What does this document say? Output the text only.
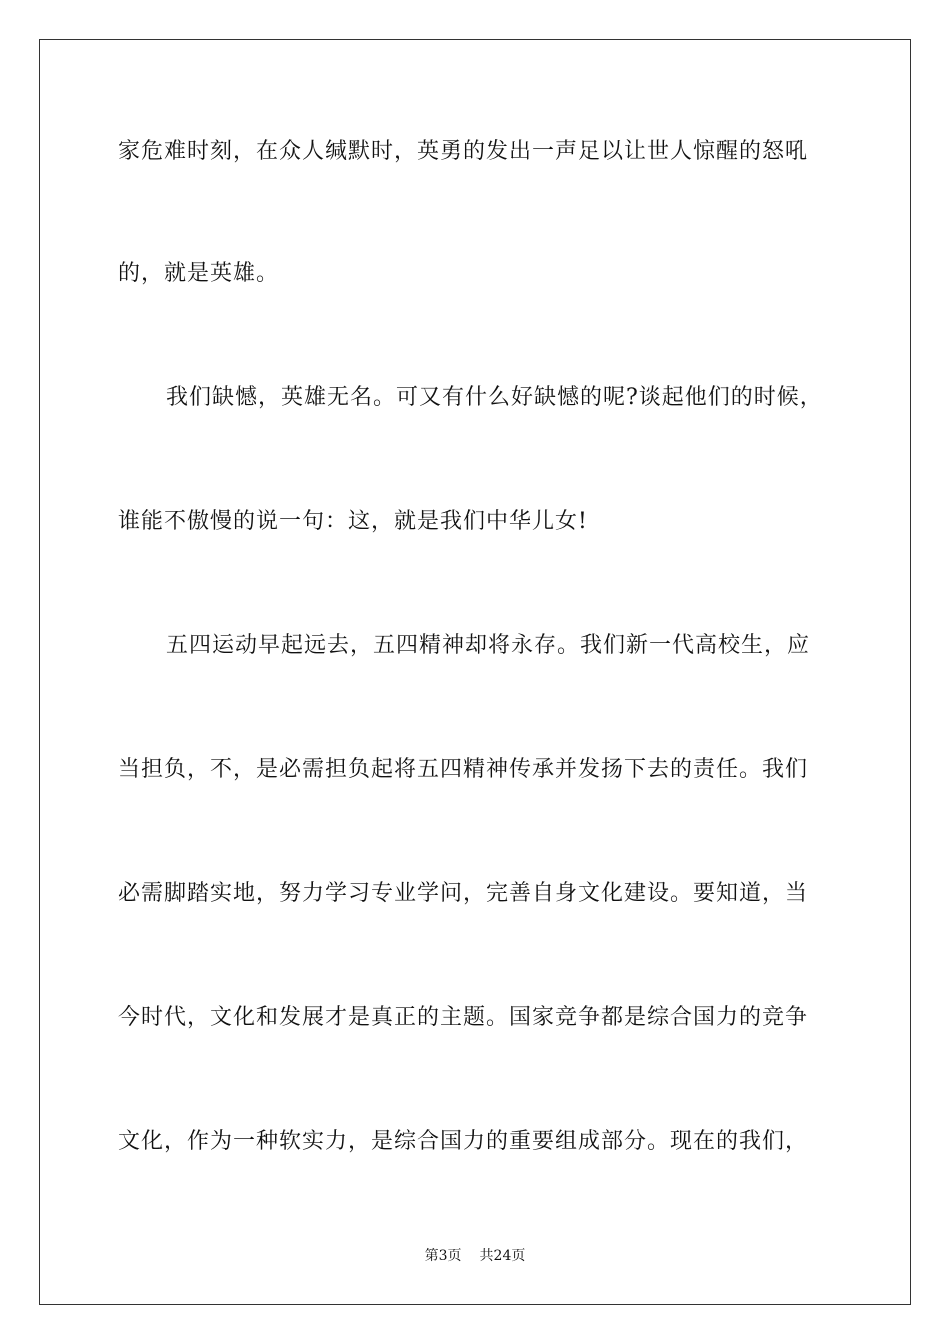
家危难时刻，在众人缄默时，英勇的发出一声足以让世人惊醒的怒吼
的，就是英雄。
我们缺憾，英雄无名。可又有什么好缺憾的呢?谈起他们的时候，
谁能不傲慢的说一句：这，就是我们中华儿女!
五四运动早起远去，五四精神却将永存。我们新一代高校生，应
当担负，不，是必需担负起将五四精神传承并发扬下去的责任。我们
必需脚踏实地，努力学习专业学问，完善自身文化建设。要知道，当
今时代，文化和发展才是真正的主题。国家竞争都是综合国力的竞争
文化，作为一种软实力，是综合国力的重要组成部分。现在的我们，
第3页 共24页
